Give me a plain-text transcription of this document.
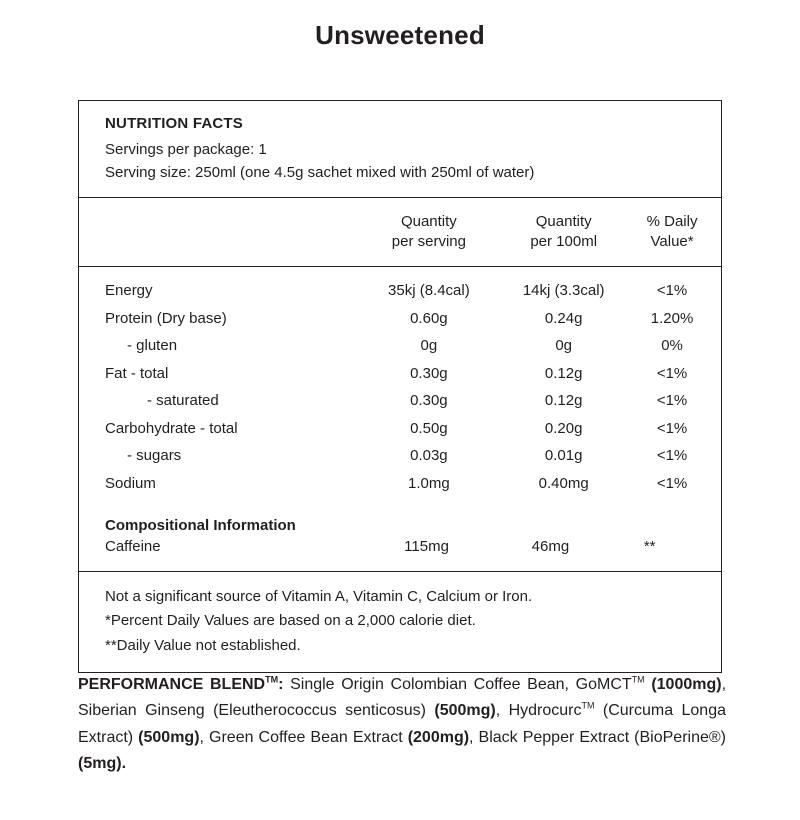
Unsweetened
NUTRITION FACTS
Servings per package: 1
Serving size: 250ml (one 4.5g sachet mixed with 250ml of water)

Quantity
per serving

Quantity
per 100ml

% Daily
Value*
Energy	35kj (8.4cal)	14kj (3.3cal)	<1%
Protein (Dry base)	0.60g	0.24g	1.20%
- gluten	0g	0g	0%
Fat - total	0.30g	0.12g	<1%
- saturated	0.30g	0.12g	<1%
Carbohydrate - total	0.50g	0.20g	<1%
- sugars	0.03g	0.01g	<1%
Sodium	1.0mg	0.40mg	<1%
Compositional Information
Caffeine	115mg	46mg	**
Not a significant source of Vitamin A, Vitamin C, Calcium or Iron.
*Percent Daily Values are based on a 2,000 calorie diet.
**Daily Value not established.
PERFORMANCE BLEND™: Single Origin Colombian Coffee Bean, GoMCT™ (1000mg), Siberian Ginseng (Eleutherococcus senticosus) (500mg), Hydrocurc™ (Curcuma Longa Extract) (500mg), Green Coffee Bean Extract (200mg), Black Pepper Extract (BioPerine®) (5mg).
